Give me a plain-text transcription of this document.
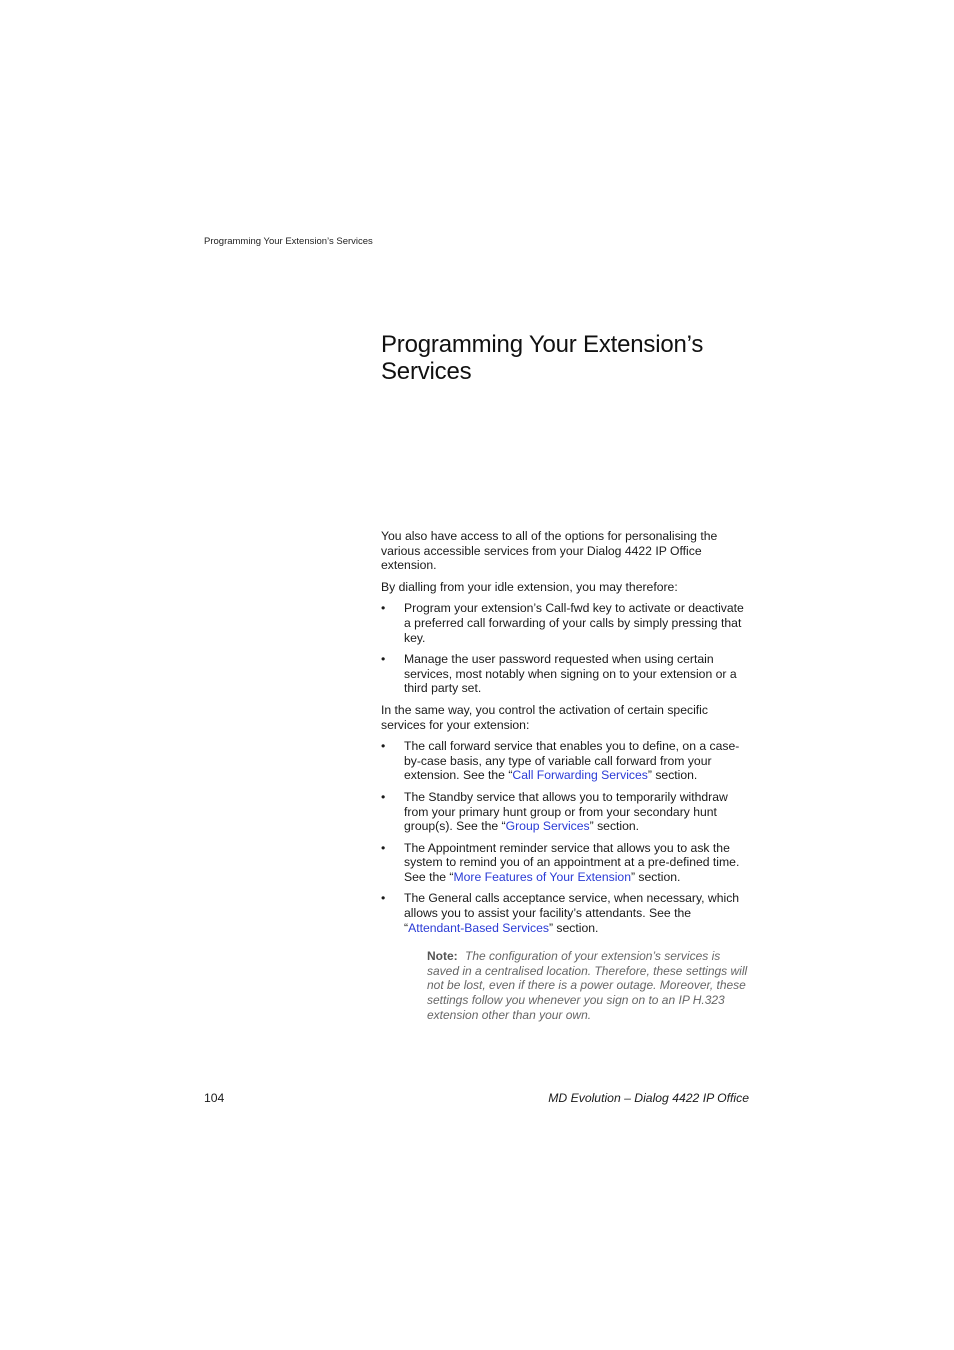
Programming Your Extension’s Services
Programming Your Extension’s
Services

You also have access to all of the options for personalising the various accessible services from your Dialog 4422 IP Office extension.

By dialling from your idle extension, you may therefore:

• Program your extension’s Call-fwd key to activate or deactivate a preferred call forwarding of your calls by simply pressing that key.
• Manage the user password requested when using certain services, most notably when signing on to your extension or a third party set.

In the same way, you control the activation of certain specific services for your extension:

• The call forward service that enables you to define, on a case-by-case basis, any type of variable call forward from your extension. See the “Call Forwarding Services” section.
• The Standby service that allows you to temporarily withdraw from your primary hunt group or from your secondary hunt group(s). See the “Group Services” section.
• The Appointment reminder service that allows you to ask the system to remind you of an appointment at a pre-defined time. See the “More Features of Your Extension” section.
• The General calls acceptance service, when necessary, which allows you to assist your facility’s attendants. See the “Attendant-Based Services” section.
Note: The configuration of your extension’s services is saved in a centralised location. Therefore, these settings will not be lost, even if there is a power outage. Moreover, these settings follow you whenever you sign on to an IP H.323 extension other than your own.
104	MD Evolution – Dialog 4422 IP Office
